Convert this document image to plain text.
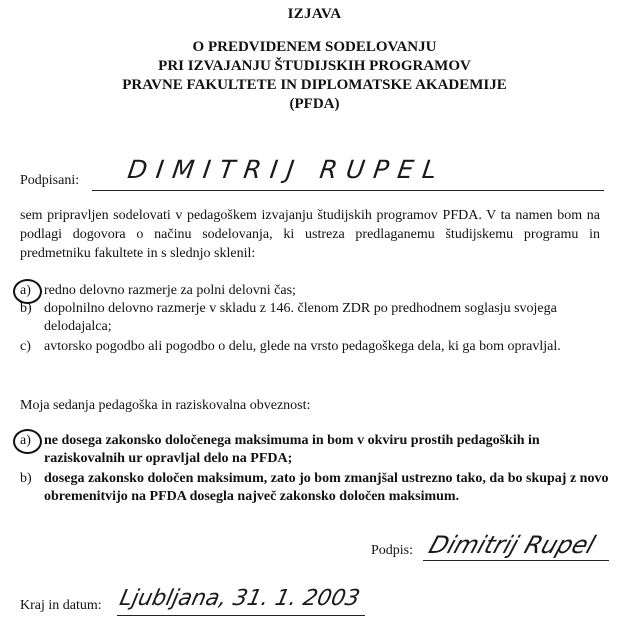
IZJAVA
O PREDVIDENEM SODELOVANJU
PRI IZVAJANJU ŠTUDIJSKIH PROGRAMOV
PRAVNE FAKULTETE IN DIPLOMATSKE AKADEMIJE
(PFDA)
Podpisani: DIMITRIJ RUPEL
sem pripravljen sodelovati v pedagoškem izvajanju študijskih programov PFDA. V ta namen bom na podlagi dogovora o načinu sodelovanja, ki ustreza predlaganemu študijskemu programu in predmetniku fakultete in s slednjo sklenil:
a) redno delovno razmerje za polni delovni čas;
b) dopolnilno delovno razmerje v skladu z 146. členom ZDR po predhodnem soglasju svojega delodajalca;
c) avtorsko pogodbo ali pogodbo o delu, glede na vrsto pedagoškega dela, ki ga bom opravljal.
Moja sedanja pedagoška in raziskovalna obveznost:
a) ne dosega zakonsko določenega maksimuma in bom v okviru prostih pedagoških in raziskovalnih ur opravljal delo na PFDA;
b) dosega zakonsko določen maksimum, zato jo bom zmanjšal ustrezno tako, da bo skupaj z novo obremenitvijo na PFDA dosegla največ zakonsko določen maksimum.
Podpis: Dimitrij Rupel
Kraj in datum: Ljubljana, 31. 1. 2003
